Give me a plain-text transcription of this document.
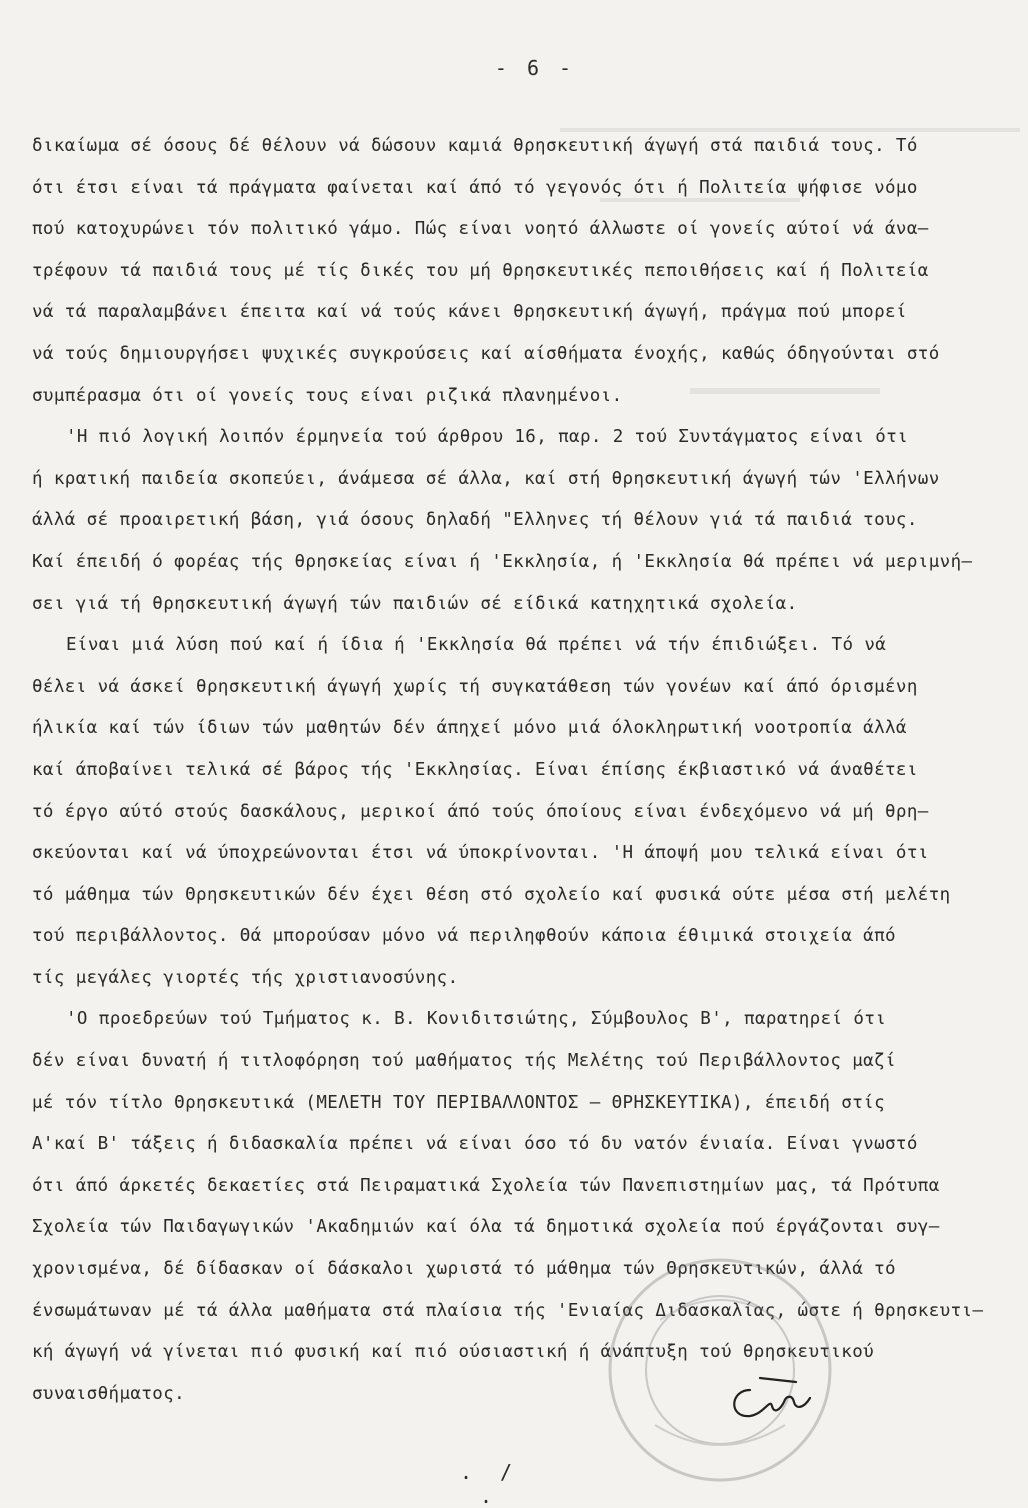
- 6 -
δικαίωμα σέ όσους δέ θέλουν νά δώσουν καμιά θρησκευτική άγωγή στά παιδιά τους. Τό
ότι έτσι είναι τά πράγματα φαίνεται καί άπό τό γεγονός ότι ή Πολιτεία ψήφισε νόμο
πού κατοχυρώνει τόν πολιτικό γάμο. Πώς είναι νοητό άλλωστε οί γονείς αύτοί νά άνα–
τρέφουν τά παιδιά τους μέ τίς δικές του μή θρησκευτικές πεποιθήσεις καί ή Πολιτεία
νά τά παραλαμβάνει έπειτα καί νά τούς κάνει θρησκευτική άγωγή, πράγμα πού μπορεί
νά τούς δημιουργήσει ψυχικές συγκρούσεις καί αίσθήματα ένοχής, καθώς όδηγούνται στό
συμπέρασμα ότι οί γονείς τους είναι ριζικά πλανημένοι.
'Η πιό λογική λοιπόν έρμηνεία τού άρθρου 16, παρ. 2 τού Συντάγματος είναι ότι
ή κρατική παιδεία σκοπεύει, άνάμεσα σέ άλλα, καί στή θρησκευτική άγωγή τών 'Ελλήνων
άλλά σέ προαιρετική βάση, γιά όσους δηλαδή "Ελληνες τή θέλουν γιά τά παιδιά τους.
Καί έπειδή ό φορέας τής θρησκείας είναι ή 'Εκκλησία, ή 'Εκκλησία θά πρέπει νά μεριμνή–
σει γιά τή θρησκευτική άγωγή τών παιδιών σέ είδικά κατηχητικά σχολεία.
Είναι μιά λύση πού καί ή ίδια ή 'Εκκλησία θά πρέπει νά τήν έπιδιώξει. Τό νά
θέλει νά άσκεί θρησκευτική άγωγή χωρίς τή συγκατάθεση τών γονέων καί άπό όρισμένη
ήλικία καί τών ίδιων τών μαθητών δέν άπηχεί μόνο μιά όλοκληρωτική νοοτροπία άλλά
καί άποβαίνει τελικά σέ βάρος τής 'Εκκλησίας. Είναι έπίσης έκβιαστικό νά άναθέτει
τό έργο αύτό στούς δασκάλους, μερικοί άπό τούς όποίους είναι ένδεχόμενο νά μή θρη–
σκεύονται καί νά ύποχρεώνονται έτσι νά ύποκρίνονται. 'Η άποψή μου τελικά είναι ότι
τό μάθημα τών Θρησκευτικών δέν έχει θέση στό σχολείο καί φυσικά ούτε μέσα στή μελέτη
τού περιβάλλοντος. Θά μπορούσαν μόνο νά περιληφθούν κάποια έθιμικά στοιχεία άπό
τίς μεγάλες γιορτές τής χριστιανοσύνης.
'Ο προεδρεύων τού Τμήματος κ. Β. Κονιδιτσιώτης, Σύμβουλος Β', παρατηρεί ότι
δέν είναι δυνατή ή τιτλοφόρηση τού μαθήματος τής Μελέτης τού Περιβάλλοντος μαζί
μέ τόν τίτλο Θρησκευτικά (ΜΕΛΕΤΗ ΤΟΥ ΠΕΡΙΒΑΛΛΟΝΤΟΣ – ΘΡΗΣΚΕΥΤΙΚΑ), έπειδή στίς
Α'καί Β' τάξεις ή διδασκαλία πρέπει νά είναι όσο τό δυ νατόν ένιαία. Είναι γνωστό
ότι άπό άρκετές δεκαετίες στά Πειραματικά Σχολεία τών Πανεπιστημίων μας, τά Πρότυπα
Σχολεία τών Παιδαγωγικών 'Ακαδημιών καί όλα τά δημοτικά σχολεία πού έργάζονται συγ–
χρονισμένα, δέ δίδασκαν οί δάσκαλοι χωριστά τό μάθημα τών Θρησκευτικών, άλλά τό
ένσωμάτωναν μέ τά άλλα μαθήματα στά πλαίσια τής 'Ενιαίας Διδασκαλίας, ώστε ή θρησκευτι–
κή άγωγή νά γίνεται πιό φυσική καί πιό ούσιαστική ή άνάπτυξη τού θρησκευτικού
συναισθήματος.
. / .
